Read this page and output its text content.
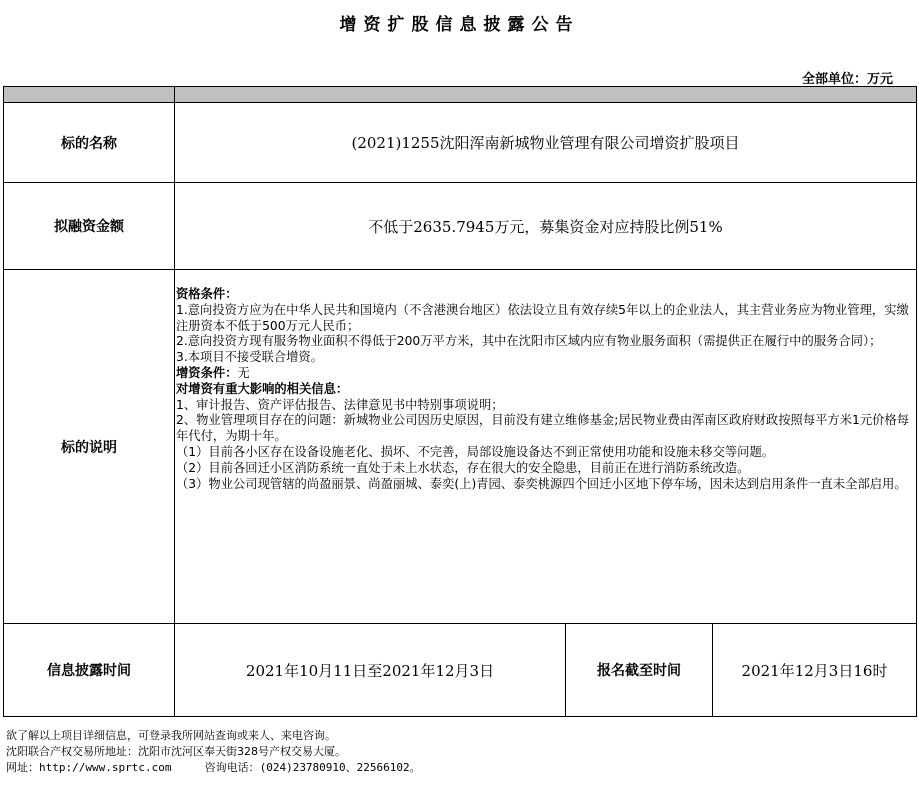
增资扩股信息披露公告
全部单位：万元
标的名称	(2021)1255沈阳浑南新城物业管理有限公司增资扩股项目
拟融资金额	不低于2635.7945万元，募集资金对应持股比例51%
标的说明
资格条件：
1.意向投资方应为在中华人民共和国境内（不含港澳台地区）依法设立且有效存续5年以上的企业法人，其主营业务应为物业管理，实缴注册资本不低于500万元人民币；
2.意向投资方现有服务物业面积不得低于200万平方米，其中在沈阳市区域内应有物业服务面积（需提供正在履行中的服务合同）；
3.本项目不接受联合增资。
增资条件：无
对增资有重大影响的相关信息：
1、审计报告、资产评估报告、法律意见书中特别事项说明；
2、物业管理项目存在的问题：新城物业公司因历史原因，目前没有建立维修基金;居民物业费由浑南区政府财政按照每平方米1元价格每年代付，为期十年。
（1）目前各小区存在设备设施老化、损坏、不完善，局部设施设备达不到正常使用功能和设施未移交等问题。
（2）目前各回迁小区消防系统一直处于未上水状态，存在很大的安全隐患，目前正在进行消防系统改造。
（3）物业公司现管辖的尚盈丽景、尚盈丽城、泰奕(上)青园、泰奕桃源四个回迁小区地下停车场，因未达到启用条件一直未全部启用。
信息披露时间	2021年10月11日至2021年12月3日	报名截至时间	2021年12月3日16时
欲了解以上项目详细信息，可登录我所网站查询或来人、来电咨询。
沈阳联合产权交易所地址：沈阳市沈河区奉天街328号产权交易大厦。
网址：http://www.sprtc.com	咨询电话：(024)23780910、22566102。
